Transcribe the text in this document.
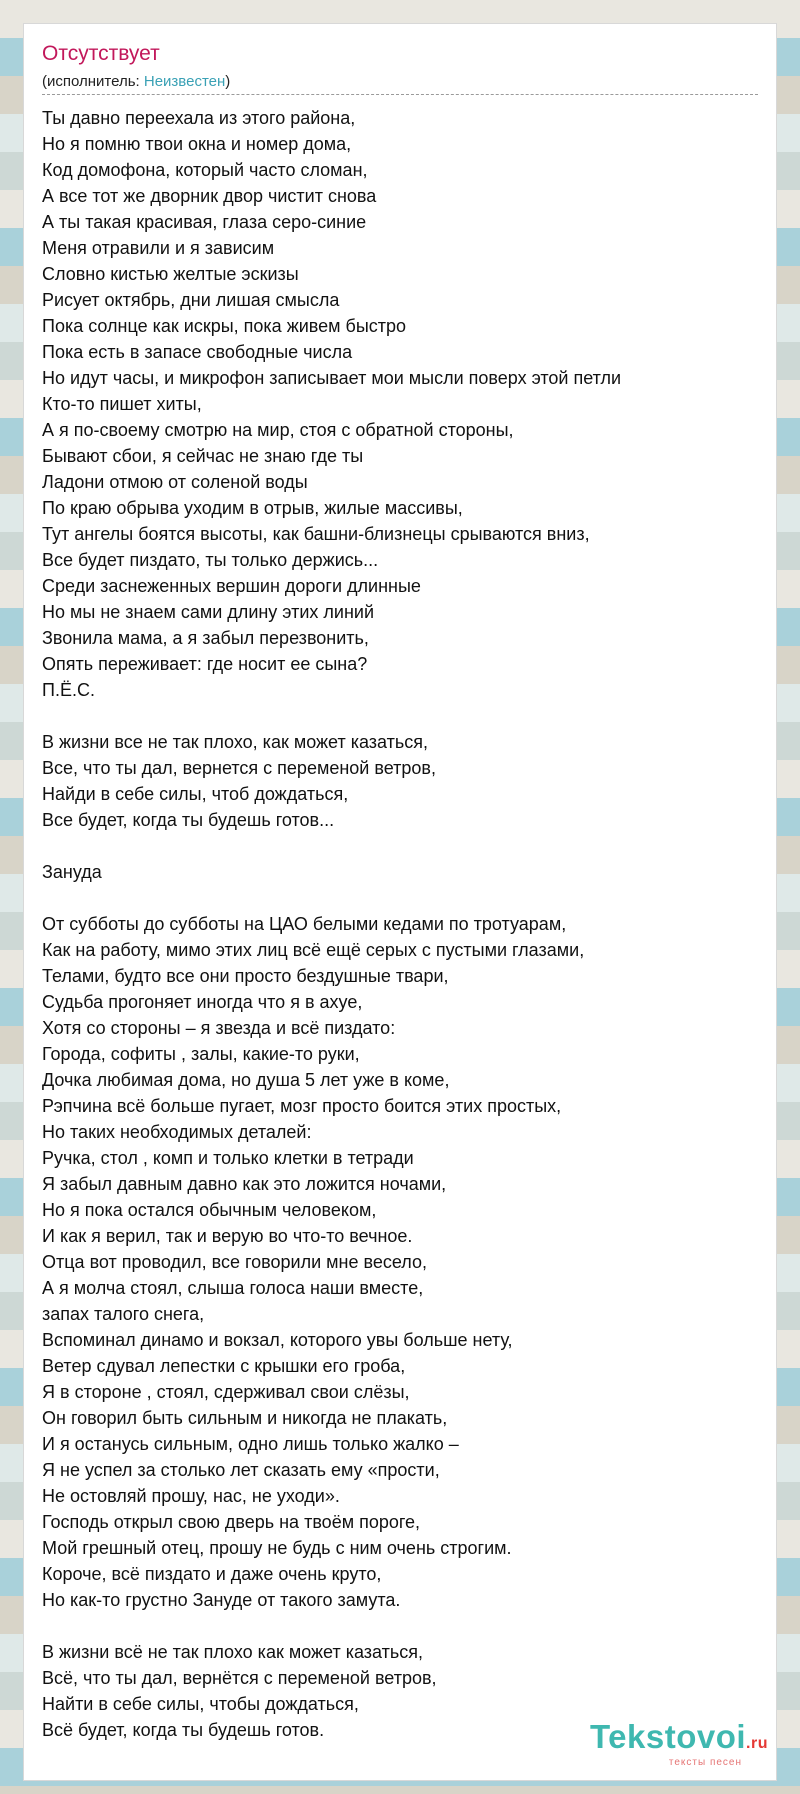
Отсутствует
(исполнитель: Неизвестен)
Ты давно переехала из этого района,
Но я помню твои окна и номер дома,
Код домофона, который часто сломан,
А все тот же дворник двор чистит снова
А ты такая красивая, глаза серо-синие
Меня отравили и я зависим
Словно кистью желтые эскизы
Рисует октябрь, дни лишая смысла
Пока солнце как искры, пока живем быстро
Пока есть в запасе свободные числа
Но идут часы, и микрофон записывает мои мысли поверх этой петли
Кто-то пишет хиты,
А я по-своему смотрю на мир, стоя с обратной стороны,
Бывают сбои, я сейчас не знаю где ты
Ладони отмою от соленой воды
По краю обрыва уходим в отрыв, жилые массивы,
Тут ангелы боятся высоты, как башни-близнецы срываются вниз,
Все будет пиздато, ты только держись...
Среди заснеженных вершин дороги длинные
Но мы не знаем сами длину этих линий
Звонила мама, а я забыл перезвонить,
Опять переживает: где носит ее сына?
П.Ё.С.
В жизни все не так плохо, как может казаться,
Все, что ты дал, вернется с переменой ветров,
Найди в себе силы, чтоб дождаться,
Все будет, когда ты будешь готов...
Зануда
От субботы до субботы на ЦАО белыми кедами по тротуарам,
Как на работу, мимо этих лиц всё ещё серых с пустыми глазами,
Телами, будто все они просто бездушные твари,
Судьба прогоняет иногда что я в ахуе,
Хотя со стороны – я звезда и всё пиздато:
Города, софиты , залы, какие-то руки,
Дочка любимая дома, но душа 5 лет уже в коме,
Рэпчина всё больше пугает, мозг просто боится этих простых,
Но таких необходимых деталей:
Ручка, стол , комп и только клетки в тетради
Я забыл давным давно как это ложится ночами,
Но я пока остался обычным человеком,
И как я верил, так и верую во что-то вечное.
Отца вот проводил, все говорили мне весело,
А я молча стоял, слыша голоса наши вместе,
запах талого снега,
Вспоминал динамо и вокзал, которого увы больше нету,
Ветер сдувал лепестки с крышки его гроба,
Я в стороне , стоял, сдерживал свои слёзы,
Он говорил быть сильным и никогда не плакать,
И я останусь сильным, одно лишь только жалко –
Я не успел за столько лет сказать ему «прости,
Не остовляй прошу, нас, не уходи».
Господь открыл свою дверь на твоём пороге,
Мой грешный отец, прошу не будь с ним очень строгим.
Короче, всё пиздато и даже очень круто,
Но как-то грустно Зануде от такого замута.
В жизни всё не так плохо как может казаться,
Всё, что ты дал, вернётся с переменой ветров,
Найти в себе силы, чтобы дождаться,
Всё будет, когда ты будешь готов.	Tekstovoi.ru
тексты песен
